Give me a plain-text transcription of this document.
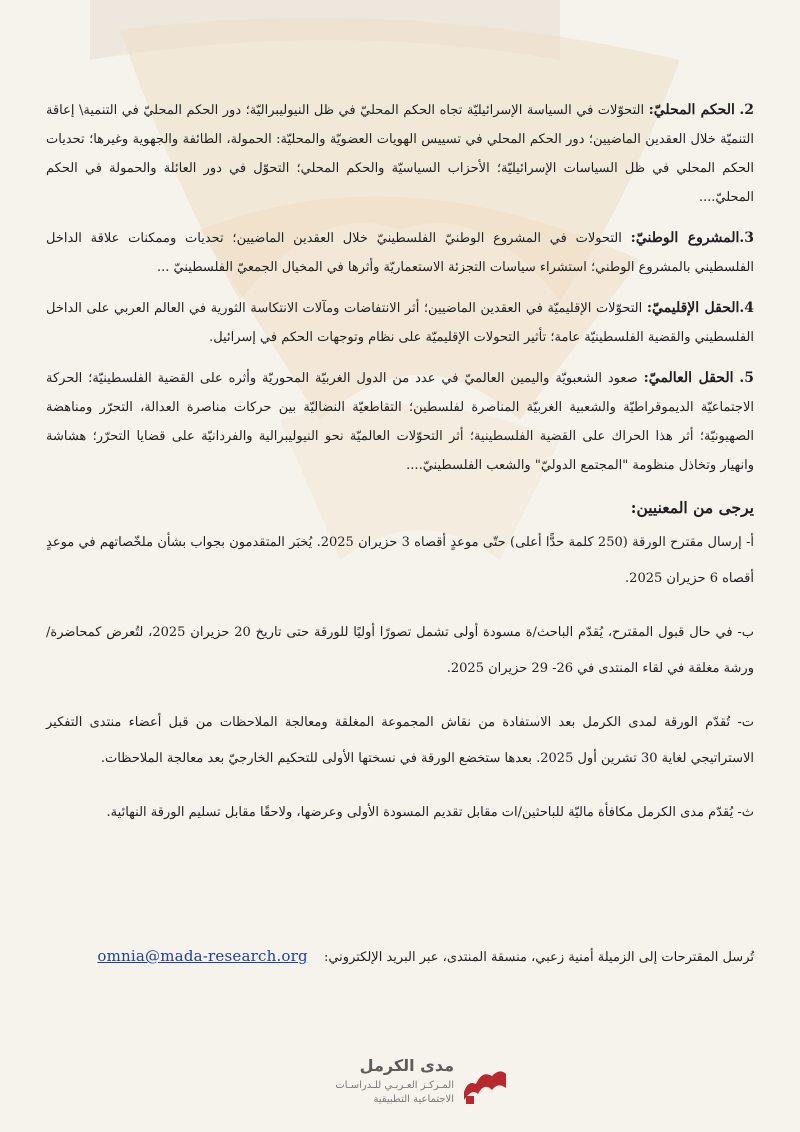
2. الحكم المحليّ: التحوّلات في السياسة الإسرائيليّة تجاه الحكم المحليّ في ظل النيوليبراليّة؛ دور الحكم المحليّ في التنمية\ إعاقة التنميّة خلال العقدين الماضيين؛ دور الحكم المحلي في تسييس الهويات العضويّة والمحليّة: الحمولة، الطائفة والجهوية وغيرها؛ تحديات الحكم المحلي في ظل السياسات الإسرائيليّة؛ الأحزاب السياسيّة والحكم المحلي؛ التحوّل في دور العائلة والحمولة في الحكم المحليّ....

3.المشروع الوطنيّ: التحولات في المشروع الوطنيّ الفلسطينيّ خلال العقدين الماضيين؛ تحديات وممكنات علاقة الداخل الفلسطيني بالمشروع الوطني؛ استشراء سياسات التجزئة الاستعماريّة وأثرها في المخيال الجمعيّ الفلسطينيّ ...

4.الحقل الإقليميّ: التحوّلات الإقليميّة في العقدين الماضيين؛ أثر الانتفاضات ومآلات الانتكاسة الثورية في العالم العربي على الداخل الفلسطيني والقضية الفلسطينيّة عامة؛ تأثير التحولات الإقليميّة على نظام وتوجهات الحكم في إسرائيل.

5. الحقل العالميّ: صعود الشعبويّة واليمين العالميّ في عدد من الدول الغربيّة المحوريّة وأثره على القضية الفلسطينيّة؛ الحركة الاجتماعيّة الديموقراطيّة والشعبية الغربيّة المناصرة لفلسطين؛ التقاطعيّة النضاليّة بين حركات مناصرة العدالة، التحرّر ومناهضة الصهيونيّة؛ أثر هذا الحراك على القضية الفلسطينية؛ أثر التحوّلات العالميّة نحو النيوليبرالية والفردانيّة على قضايا التحرّر؛ هشاشة وانهيار وتخاذل منظومة "المجتمع الدوليّ" والشعب الفلسطينيّ....

يرجى من المعنيين:

أ- إرسال مقترح الورقة (250 كلمة حدًّا أعلى) حتّى موعدٍ أقصاه 3 حزيران 2025. يُخبَر المتقدمون بجواب بشأن ملخّصاتهم في موعدٍ أقصاه 6 حزيران 2025.

ب- في حال قبول المقترح، يُقدّم الباحث/ة مسودة أولى تشمل تصورًا أوليًا للورقة حتى تاريخ 20 حزيران 2025، لتُعرض كمحاضرة/ ورشة مغلقة في لقاء المنتدى في 26- 29 حزيران 2025.

ت- تُقدّم الورقة لمدى الكرمل بعد الاستفادة من نقاش المجموعة المغلقة ومعالجة الملاحظات من قبل أعضاء منتدى التفكير الاستراتيجي لغاية 30 تشرين أول 2025. بعدها ستخضع الورقة في نسختها الأولى للتحكيم الخارجيّ بعد معالجة الملاحظات.

ث- يُقدّم مدى الكرمل مكافأة ماليّة للباحثين/ات مقابل تقديم المسودة الأولى وعرضها، ولاحقًا مقابل تسليم الورقة النهائية.

تُرسل المقترحات إلى الزميلة أمنية زعبي، منسقة المنتدى، عبر البريد الإلكتروني: omnia@mada-research.org
مدى الكرمل
المـركـز العـربـي للـدراسـات
الاجتماعية التطبيقية
